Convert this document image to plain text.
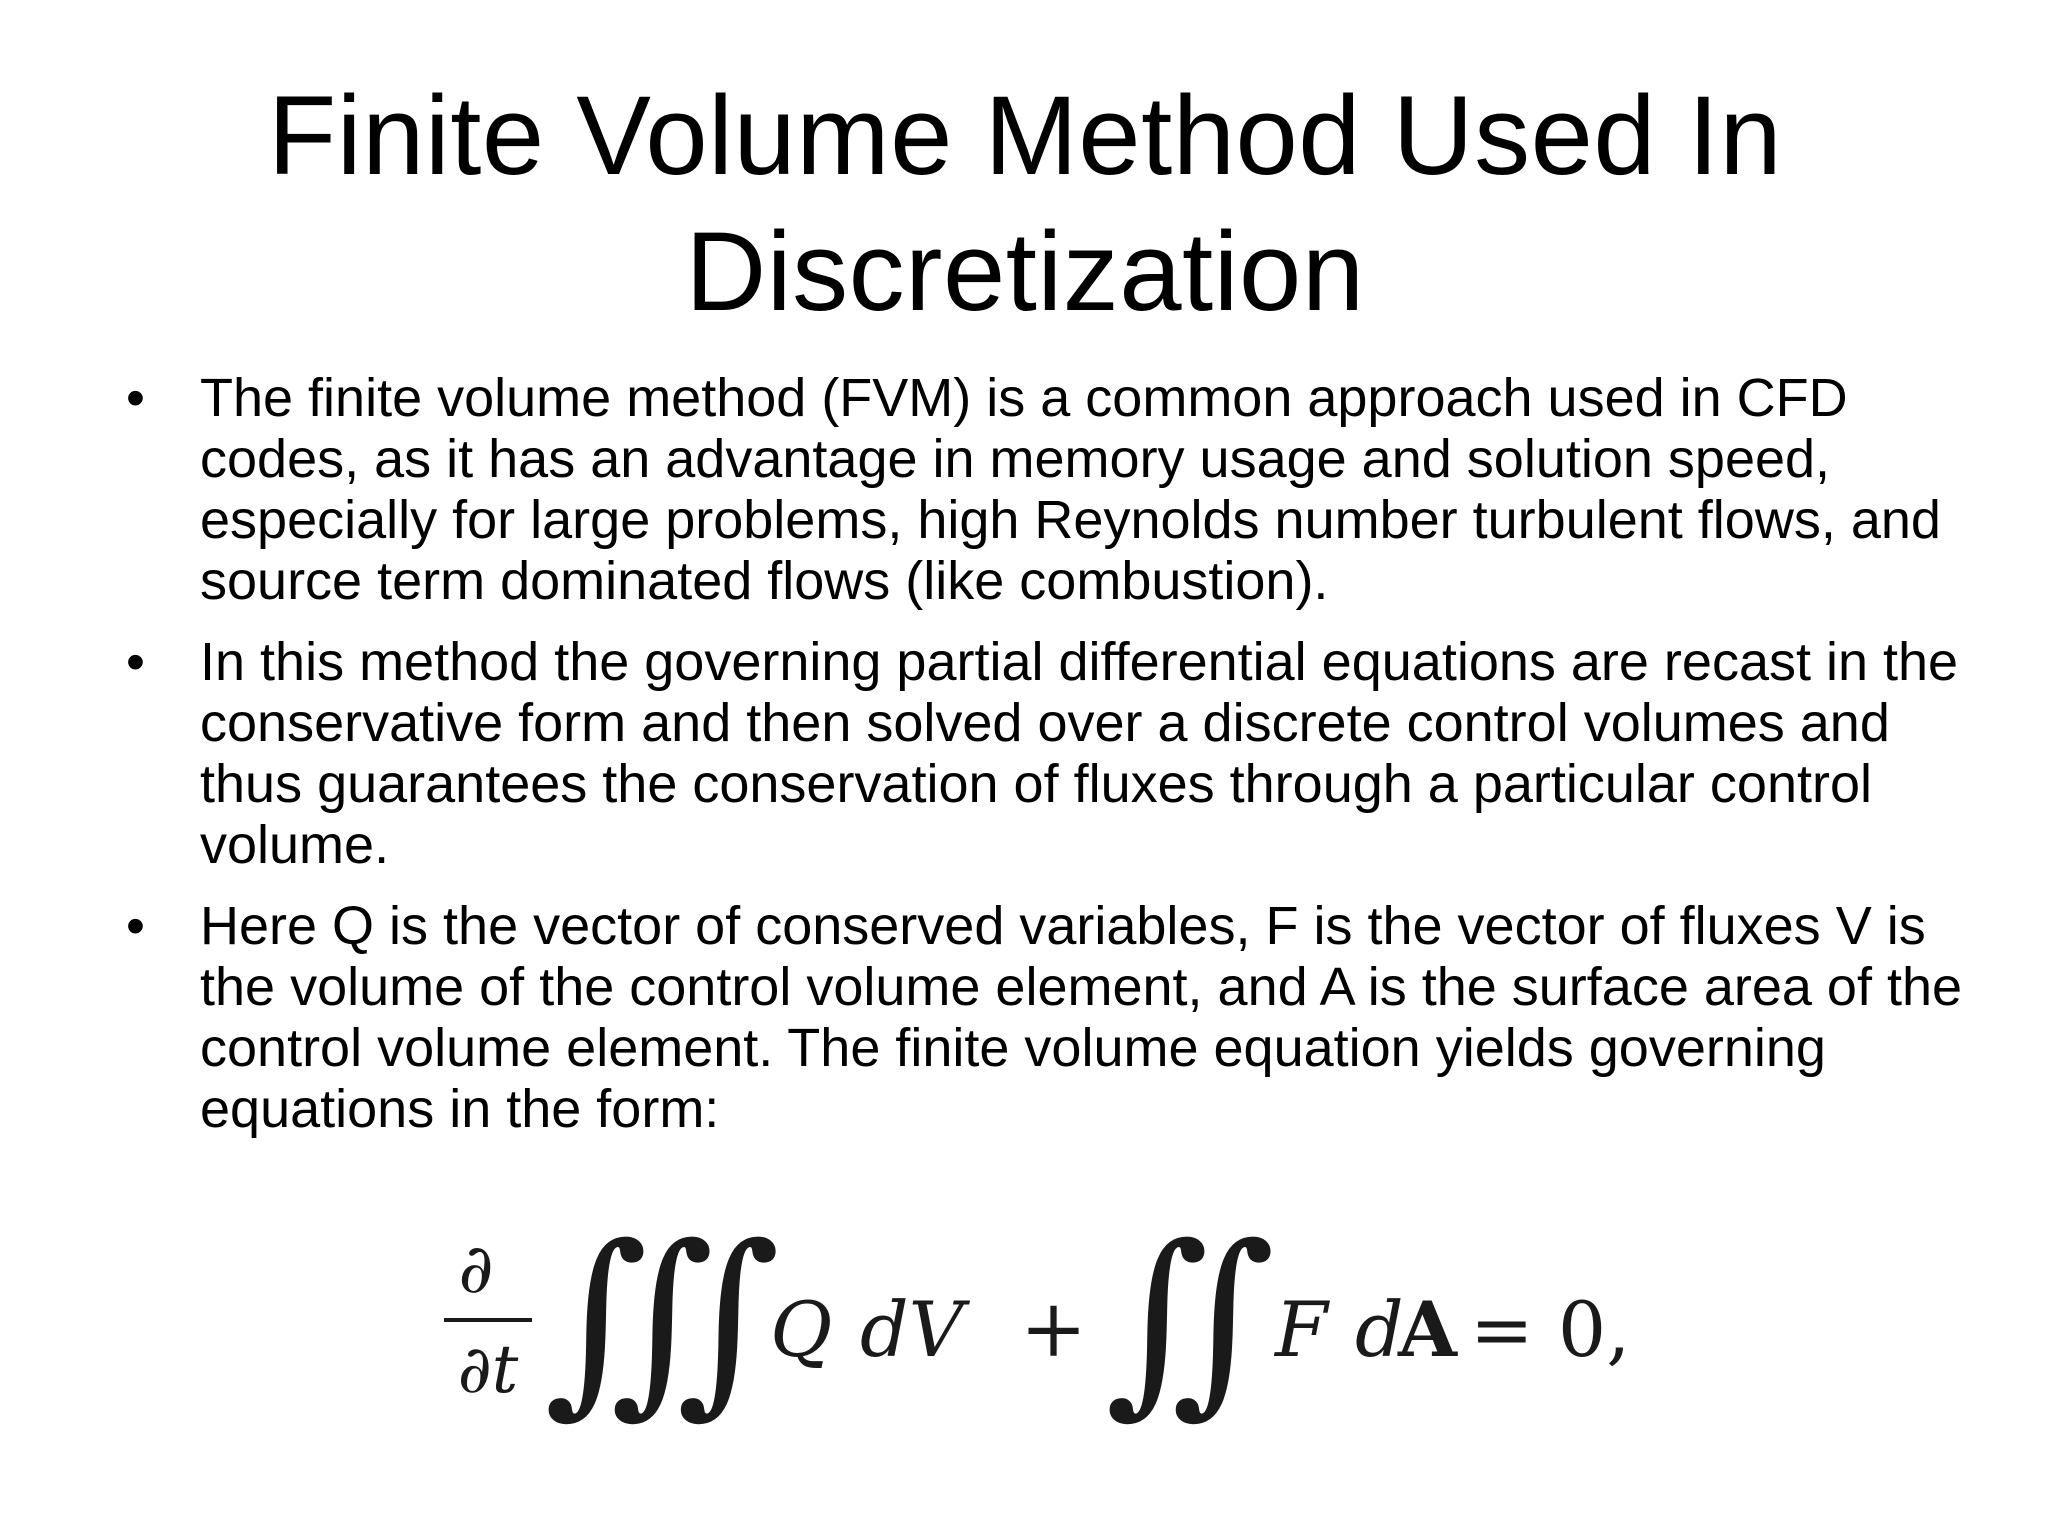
Finite Volume Method Used In
Discretization
• The finite volume method (FVM) is a common approach used in CFD codes, as it has an advantage in memory usage and solution speed, especially for large problems, high Reynolds number turbulent flows, and source term dominated flows (like combustion).
• In this method the governing partial differential equations are recast in the conservative form and then solved over a discrete control volumes and thus guarantees the conservation of fluxes through a particular control volume.
• Here Q is the vector of conserved variables, F is the vector of fluxes V is the volume of the control volume element, and A is the surface area of the control volume element. The finite volume equation yields governing equations in the form:
∂
∂t ∭
Q dV + ∬ F d
A = 0,
